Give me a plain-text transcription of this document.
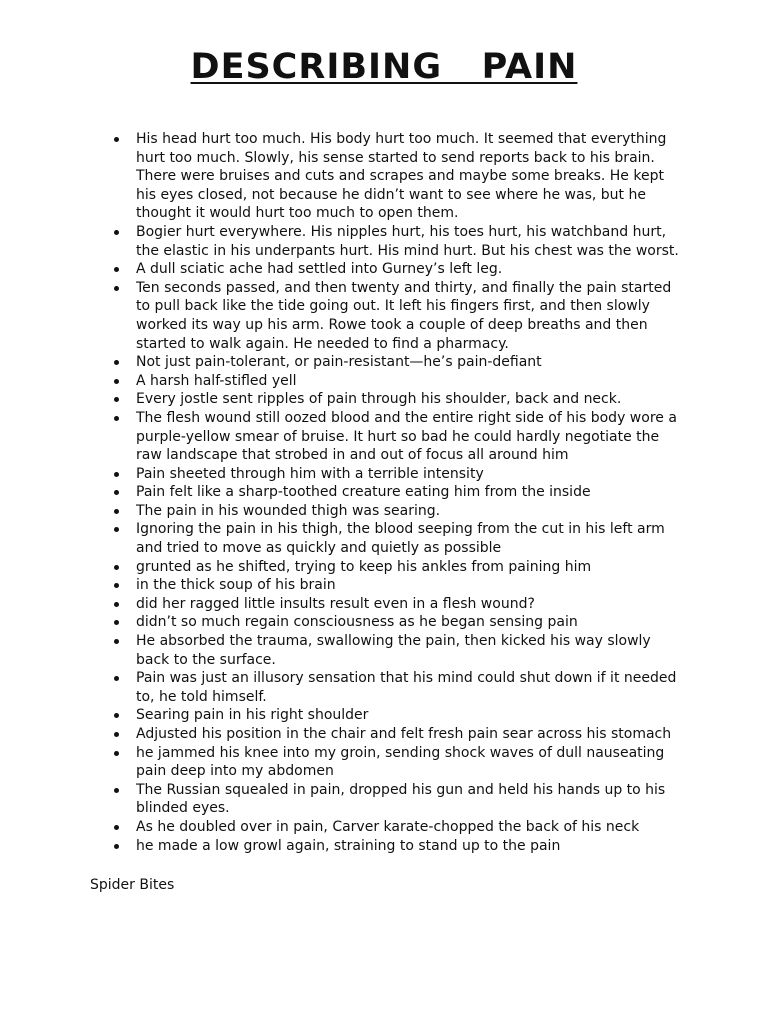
DESCRIBING   PAIN
His head hurt too much. His body hurt too much. It seemed that everything hurt too much. Slowly, his sense started to send reports back to his brain. There were bruises and cuts and scrapes and maybe some breaks. He kept his eyes closed, not because he didn’t want to see where he was, but he thought it would hurt too much to open them.
Bogier hurt everywhere. His nipples hurt, his toes hurt, his watchband hurt, the elastic in his underpants hurt. His mind hurt. But his chest was the worst.
A dull sciatic ache had settled into Gurney’s left leg.
Ten seconds passed, and then twenty and thirty, and finally the pain started to pull back like the tide going out. It left his fingers first, and then slowly worked its way up his arm. Rowe took a couple of deep breaths and then started to walk again. He needed to find a pharmacy.
Not just pain-tolerant, or pain-resistant—he’s pain-defiant
A harsh half-stifled yell
Every jostle sent ripples of pain through his shoulder, back and neck.
The flesh wound still oozed blood and the entire right side of his body wore a purple-yellow smear of bruise. It hurt so bad he could hardly negotiate the raw landscape that strobed in and out of focus all around him
Pain sheeted through him with a terrible intensity
Pain felt like a sharp-toothed creature eating him from the inside
The pain in his wounded thigh was searing.
Ignoring the pain in his thigh, the blood seeping from the cut in his left arm and tried to move as quickly and quietly as possible
grunted as he shifted, trying to keep his ankles from paining him
in the thick soup of his brain
did her ragged little insults result even in a flesh wound?
didn’t so much regain consciousness as he began sensing pain
He absorbed the trauma, swallowing the pain, then kicked his way slowly back to the surface.
Pain was just an illusory sensation that his mind could shut down if it needed to, he told himself.
Searing pain in his right shoulder
Adjusted his position in the chair and felt fresh pain sear across his stomach
he jammed his knee into my groin, sending shock waves of dull nauseating pain deep into my abdomen
The Russian squealed in pain, dropped his gun and held his hands up to his blinded eyes.
As he doubled over in pain, Carver karate-chopped the back of his neck
he made a low growl again, straining to stand up to the pain

Spider Bites
